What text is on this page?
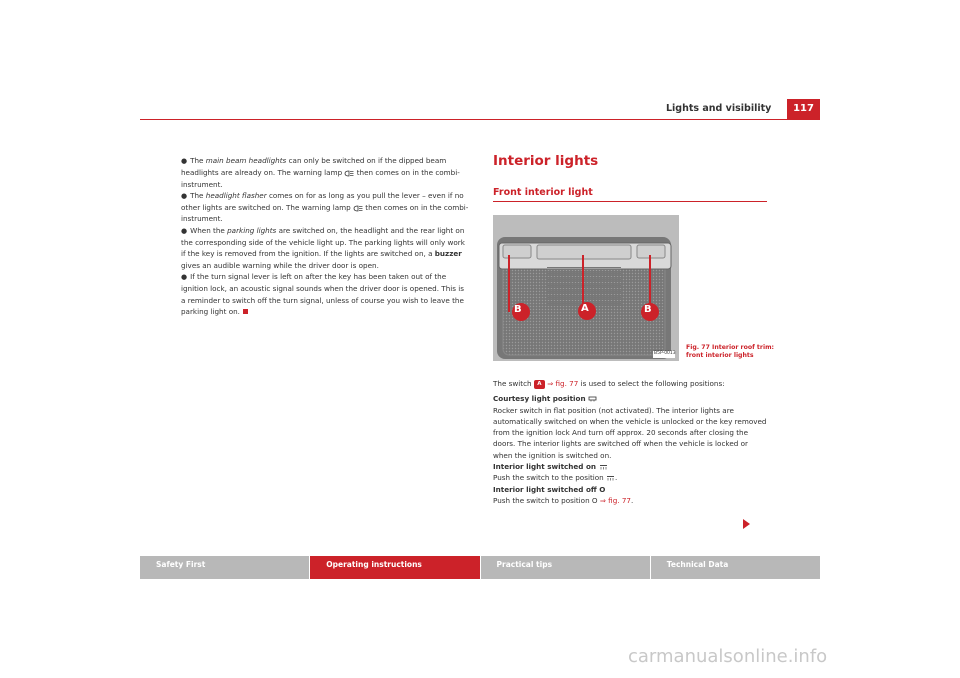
Lights and visibility	117

● The main beam headlights can only be switched on if the dipped beam headlights are already on. The warning lamp  then comes on in the combi-instrument.

● The headlight flasher comes on for as long as you pull the lever – even if no other lights are switched on. The warning lamp  then comes on in the combi-instrument.

● When the parking lights are switched on, the headlight and the rear light on the corresponding side of the vehicle light up. The parking lights will only work if the key is removed from the ignition. If the lights are switched on, a buzzer gives an audible warning while the driver door is open.

● If the turn signal lever is left on after the key has been taken out of the ignition lock, an acoustic signal sounds when the driver door is opened. This is a reminder to switch off the turn signal, unless of course you wish to leave the parking light on.

Interior lights
Front interior light
B	A	B
B5P-0013
Fig. 77 Interior roof trim:
front interior lights

The switch A ⇒ fig. 77 is used to select the following positions:

Courtesy light position

Rocker switch in flat position (not activated). The interior lights are automatically switched on when the vehicle is unlocked or the key removed from the ignition lock And turn off approx. 20 seconds after closing the doors. The interior lights are switched off when the vehicle is locked or when the ignition is switched on.

Interior light switched on

Push the switch to the position .

Interior light switched off O

Push the switch to position O ⇒ fig. 77.

Safety First	Operating instructions	Practical tips	Technical Data
carmanualsonline.info
